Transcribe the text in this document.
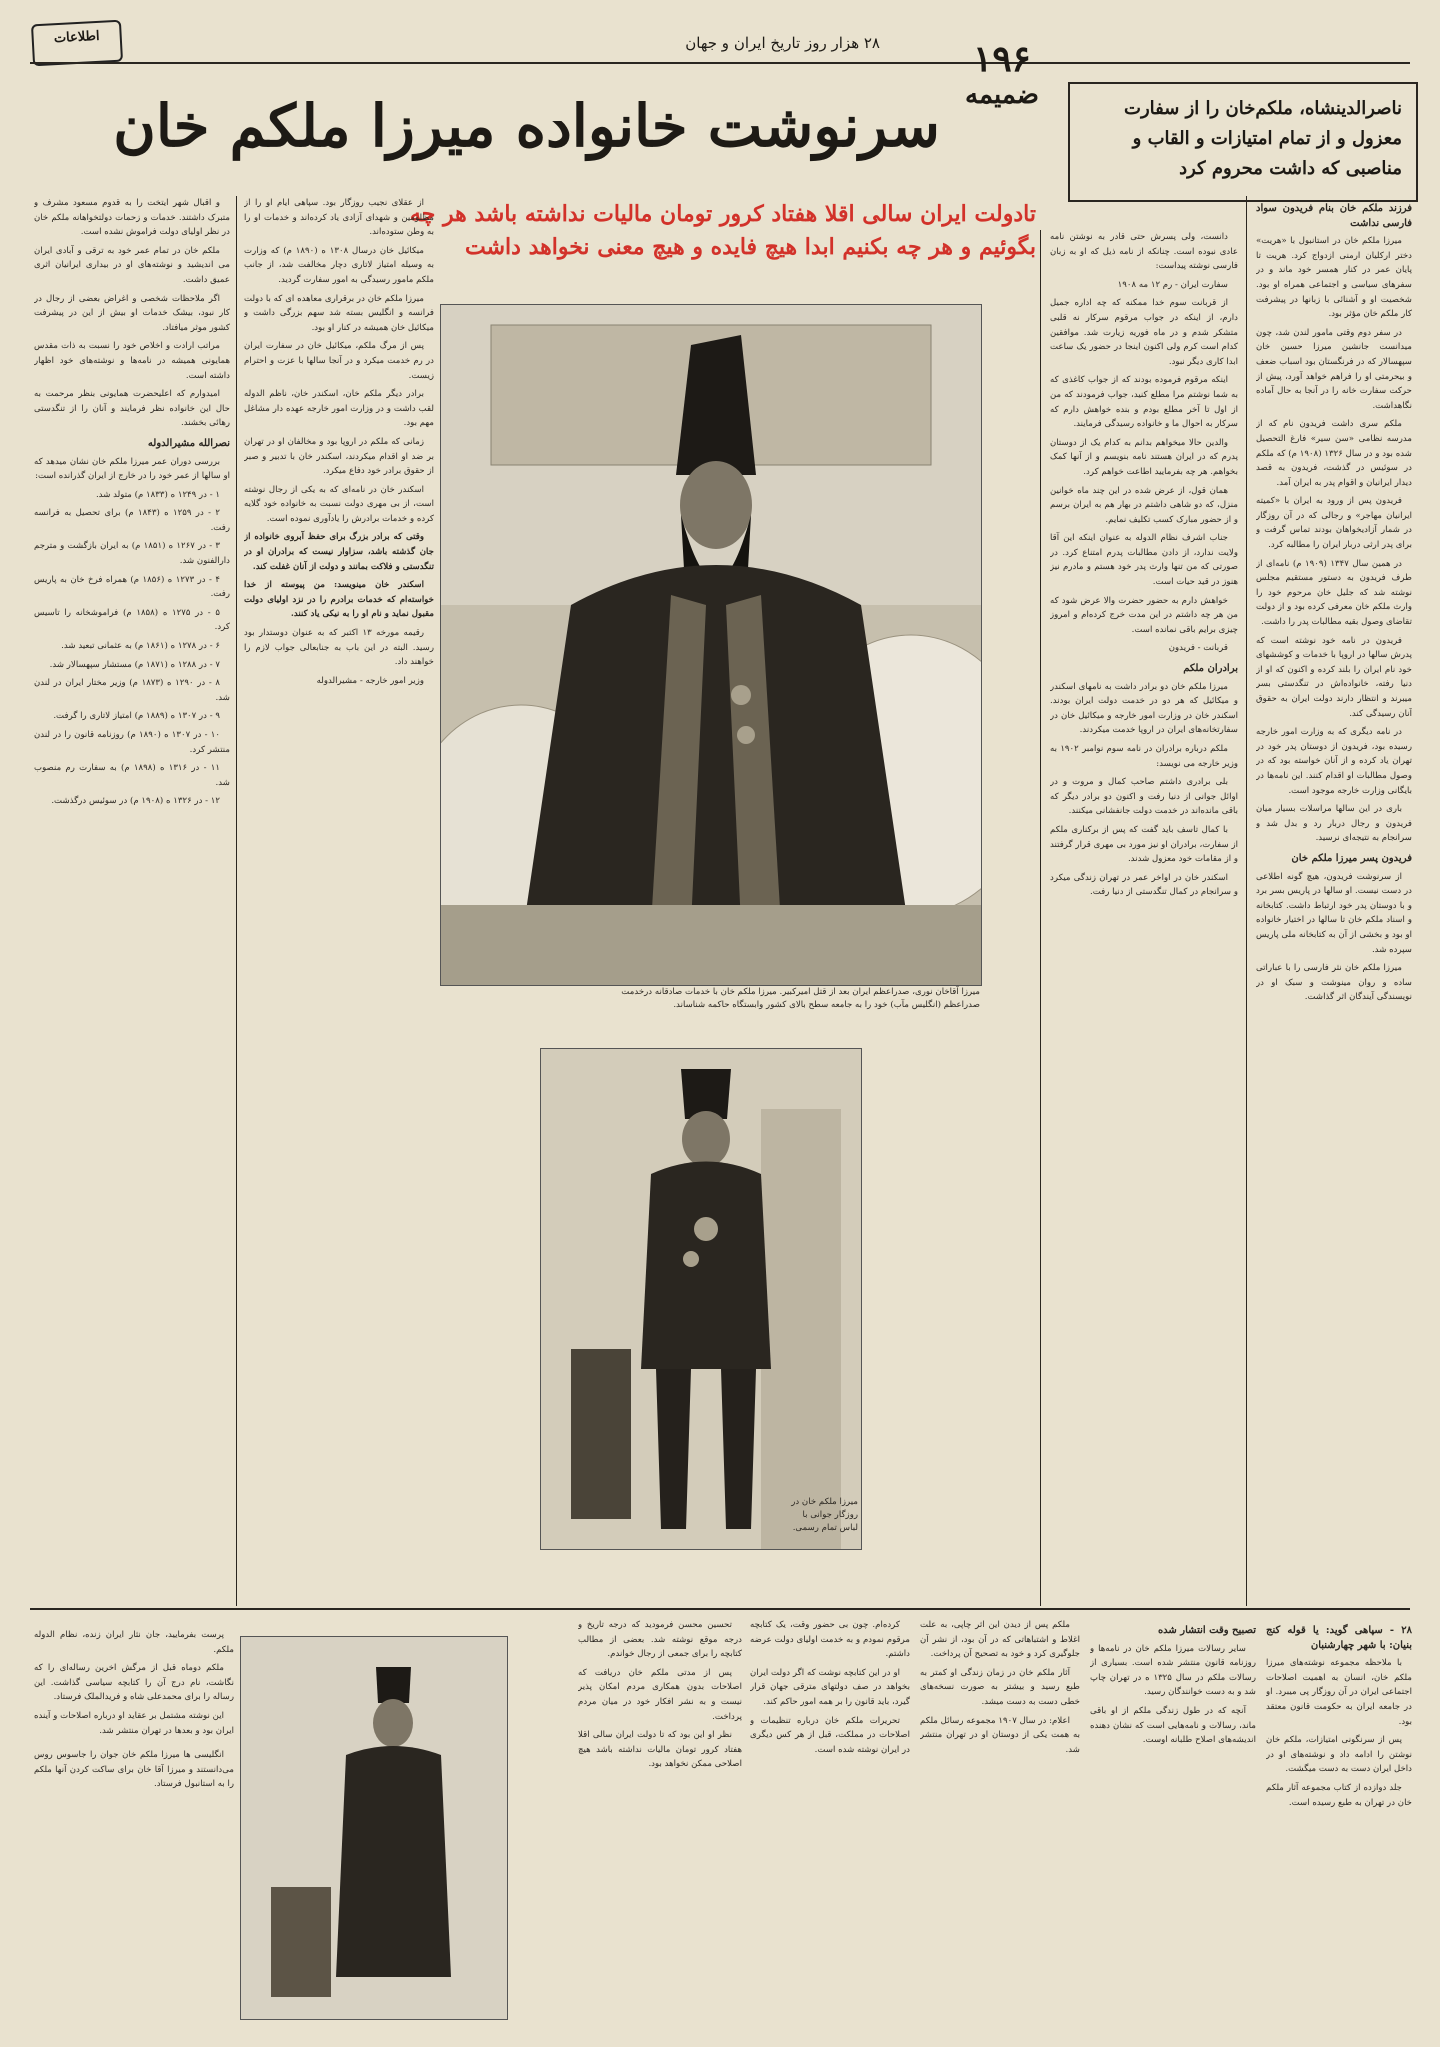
۲۸ هزار روز تاریخ ایران و جهان
اطلاعات
۱۹۶
ضمیمه
سرنوشت خانواده میرزا ملکم خان	ناصرالدینشاه، ملکم‌خان را از سفارت معزول و از تمام امتیازات و القاب و مناصبی که داشت محروم کرد
تادولت ایران سالی اقلا هفتاد کرور تومان مالیات نداشته باشد هر چه بگوئیم و هر چه بکنیم ابدا هیچ فایده و هیچ معنی نخواهد داشت

فرزند ملکم خان بنام فریدون سواد فارسی نداشت

میرزا ملکم خان در استانبول با «هریت» دختر ارکلیان ارمنی ازدواج کرد. هریت تا پایان عمر در کنار همسر خود ماند و در سفرهای سیاسی و اجتماعی همراه او بود. شخصیت او و آشنائی با زبانها در پیشرفت کار ملکم خان مؤثر بود.

در سفر دوم وقتی مامور لندن شد، چون میدانست جانشین میرزا حسین خان سپهسالار که در فرنگستان بود اسباب ضعف و بیحرمتی او را فراهم خواهد آورد، پیش از حرکت سفارت خانه را در آنجا به حال آماده نگاهداشت.

ملکم سری داشت فریدون نام که از مدرسه نظامی «سن سیر» فارغ التحصیل شده بود و در سال ۱۳۲۶ (۱۹۰۸ م) که ملکم در سوئیس در گذشت، فریدون به قصد دیدار ایرانیان و اقوام پدر به ایران آمد.

فریدون پس از ورود به ایران با «کمیته ایرانیان مهاجر» و رجالی که در آن روزگار در شمار آزادیخواهان بودند تماس گرفت و برای پدر ارثی دربار ایران را مطالبه کرد.

در همین سال ۱۳۴۷ (۱۹۰۹ م) نامه‌ای از طرف فریدون به دستور مستقیم مجلس نوشته شد که جلیل خان مرحوم خود را وارث ملکم خان معرفی کرده بود و از دولت تقاضای وصول بقیه مطالبات پدر را داشت.

فریدون در نامه خود نوشته است که پدرش سالها در اروپا با خدمات و کوششهای خود نام ایران را بلند کرده و اکنون که او از دنیا رفته، خانواده‌اش در تنگدستی بسر میبرند و انتظار دارند دولت ایران به حقوق آنان رسیدگی کند.

در نامه دیگری که به وزارت امور خارجه رسیده بود، فریدون از دوستان پدر خود در تهران یاد کرده و از آنان خواسته بود که در وصول مطالبات او اقدام کنند. این نامه‌ها در بایگانی وزارت خارجه موجود است.

باری در این سالها مراسلات بسیار میان فریدون و رجال دربار رد و بدل شد و سرانجام به نتیجه‌ای نرسید.

فریدون پسر میرزا ملکم خان

از سرنوشت فریدون، هیچ گونه اطلاعی در دست نیست. او سالها در پاریس بسر برد و با دوستان پدر خود ارتباط داشت. کتابخانه و اسناد ملکم خان تا سالها در اختیار خانواده او بود و بخشی از آن به کتابخانه ملی پاریس سپرده شد.

میرزا ملکم خان نثر فارسی را با عباراتی ساده و روان مینوشت و سبک او در نویسندگی آیندگان اثر گذاشت.

دانست، ولی پسرش حتی قادر به نوشتن نامه عادی نبوده است. چنانکه از نامه ذیل که او به زبان فارسی نوشته پیداست:

سفارت ایران - رم ۱۲ مه ۱۹۰۸

از قربانت سوم خدا ممکنه که چه اداره جمیل دارم، از اینکه در جواب مرقوم سرکار نه قلبی متشکر شدم و در ماه فوریه زیارت شد. موافقین کدام است کرم ولی اکنون اینجا در حضور یک ساعت ابدا کاری دیگر نبود.

اینکه مرقوم فرموده بودند که از جواب کاغذی که به شما نوشتم مرا مطلع کنید، جواب فرمودند که من از اول تا آخر مطلع بودم و بنده خواهش دارم که سرکار به احوال ما و خانواده رسیدگی فرمایند.

والدین حالا میخواهم بدانم به کدام یک از دوستان پدرم که در ایران هستند نامه بنویسم و از آنها کمک بخواهم. هر چه بفرمایید اطاعت خواهم کرد.

همان قول، از عرض شده در این چند ماه خوانین منزل، که دو شاهی داشتم در بهار هم به ایران برسم و از حضور مبارک کسب تکلیف نمایم.

جناب اشرف نظام الدوله به عنوان اینکه این آقا ولایت ندارد، از دادن مطالبات پدرم امتناع کرد. در صورتی که من تنها وارث پدر خود هستم و مادرم نیز هنوز در قید حیات است.

خواهش دارم به حضور حضرت والا عرض شود که من هر چه داشتم در این مدت خرج کرده‌ام و امروز چیزی برایم باقی نمانده است.

قربانت - فریدون

برادران ملکم

میرزا ملکم خان دو برادر داشت به نامهای اسکندر و میکائیل که هر دو در خدمت دولت ایران بودند. اسکندر خان در وزارت امور خارجه و میکائیل خان در سفارتخانه‌های ایران در اروپا خدمت میکردند.

ملکم درباره برادران در نامه سوم نوامبر ۱۹۰۲ به وزیر خارجه می نویسد:

بلی برادری داشتم صاحب کمال و مروت و در اوائل جوانی از دنیا رفت و اکنون دو برادر دیگر که باقی مانده‌اند در خدمت دولت جانفشانی میکنند.

با کمال تاسف باید گفت که پس از برکناری ملکم از سفارت، برادران او نیز مورد بی مهری قرار گرفتند و از مقامات خود معزول شدند.

اسکندر خان در اواخر عمر در تهران زندگی میکرد و سرانجام در کمال تنگدستی از دنیا رفت.

میرزا آقاخان نوری، صدراعظم ایران بعد از قتل امیرکبیر. میرزا ملکم خان با خدمات صادقانه درخدمت صدراعظم (انگلیس مآب) خود را به جامعه سطح بالای کشور وابستگاه حاکمه شناساند.
میرزا ملکم خان در روزگار جوانی با لباس تمام رسمی.

از عقلای نجیب روزگار بود. سپاهی ایام او را از مظلومین و شهدای آزادی یاد کرده‌اند و خدمات او را به وطن ستوده‌اند.

میکائیل خان درسال ۱۳۰۸ ه (۱۸۹۰ م) که وزارت به وسیله امتیاز لاتاری دچار مخالفت شد، از جانب ملکم مامور رسیدگی به امور سفارت گردید.

میرزا ملکم خان در برقراری معاهده ای که با دولت فرانسه و انگلیس بسته شد سهم بزرگی داشت و میکائیل خان همیشه در کنار او بود.

پس از مرگ ملکم، میکائیل خان در سفارت ایران در رم خدمت میکرد و در آنجا سالها با عزت و احترام زیست.

برادر دیگر ملکم خان، اسکندر خان، ناظم الدوله لقب داشت و در وزارت امور خارجه عهده دار مشاغل مهم بود.

زمانی که ملکم در اروپا بود و مخالفان او در تهران بر ضد او اقدام میکردند، اسکندر خان با تدبیر و صبر از حقوق برادر خود دفاع میکرد.

اسکندر خان در نامه‌ای که به یکی از رجال نوشته است، از بی مهری دولت نسبت به خانواده خود گلایه کرده و خدمات برادرش را یادآوری نموده است.

وقتی که برادر بزرگ برای حفظ آبروی خانواده از جان گذشته باشد، سزاوار نیست که برادران او در تنگدستی و فلاکت بمانند و دولت از آنان غفلت کند.

اسکندر خان مینویسد: من پیوسته از خدا خواسته‌ام که خدمات برادرم را در نزد اولیای دولت مقبول نماید و نام او را به نیکی یاد کنند.

رقیمه مورخه ۱۳ اکتبر که به عنوان دوستدار بود رسید. البته در این باب به جنابعالی جواب لازم را خواهند داد.

وزیر امور خارجه - مشیرالدوله

و اقبال شهر ایتخت را به قدوم مسعود مشرف و متبرک داشتند. خدمات و زحمات دولتخواهانه ملکم خان در نظر اولیای دولت فراموش نشده است.

ملکم خان در تمام عمر خود به ترقی و آبادی ایران می اندیشید و نوشته‌های او در بیداری ایرانیان اثری عمیق داشت.

اگر ملاحظات شخصی و اغراض بعضی از رجال در کار نبود، بیشک خدمات او بیش از این در پیشرفت کشور موثر میافتاد.

مراتب ارادت و اخلاص خود را نسبت به ذات مقدس همایونی همیشه در نامه‌ها و نوشته‌های خود اظهار داشته است.

امیدوارم که اعلیحضرت همایونی بنظر مرحمت به حال این خانواده نظر فرمایند و آنان را از تنگدستی رهائی بخشند.

نصرالله مشیرالدوله

بررسی دوران عمر میرزا ملکم خان نشان میدهد که او سالها از عمر خود را در خارج از ایران گذرانده است:

۱ - در ۱۲۴۹ ه (۱۸۳۳ م) متولد شد.

۲ - در ۱۲۵۹ ه (۱۸۴۳ م) برای تحصیل به فرانسه رفت.

۳ - در ۱۲۶۷ ه (۱۸۵۱ م) به ایران بازگشت و مترجم دارالفنون شد.

۴ - در ۱۲۷۳ ه (۱۸۵۶ م) همراه فرخ خان به پاریس رفت.

۵ - در ۱۲۷۵ ه (۱۸۵۸ م) فراموشخانه را تاسیس کرد.

۶ - در ۱۲۷۸ ه (۱۸۶۱ م) به عثمانی تبعید شد.

۷ - در ۱۲۸۸ ه (۱۸۷۱ م) مستشار سپهسالار شد.

۸ - در ۱۲۹۰ ه (۱۸۷۳ م) وزیر مختار ایران در لندن شد.

۹ - در ۱۳۰۷ ه (۱۸۸۹ م) امتیاز لاتاری را گرفت.

۱۰ - در ۱۳۰۷ ه (۱۸۹۰ م) روزنامه قانون را در لندن منتشر کرد.

۱۱ - در ۱۳۱۶ ه (۱۸۹۸ م) به سفارت رم منصوب شد.

۱۲ - در ۱۳۲۶ ه (۱۹۰۸ م) در سوئیس درگذشت.

۲۸ - سپاهی گوید: یا قوله کنج بنیان: با شهر چهارشنبان

با ملاحظه مجموعه نوشته‌های میرزا ملکم خان، انسان به اهمیت اصلاحات اجتماعی ایران در آن روزگار پی میبرد. او در جامعه ایران به حکومت قانون معتقد بود.

پس از سرنگونی امتیازات، ملکم خان نوشتن را ادامه داد و نوشته‌های او در داخل ایران دست به دست میگشت.

جلد دوازده از کتاب مجموعه آثار ملکم خان در تهران به طبع رسیده است.

تصبیح وقت انتشار شده

سایر رسالات میرزا ملکم خان در نامه‌ها و روزنامه قانون منتشر شده است. بسیاری از رسالات ملکم در سال ۱۳۲۵ ه در تهران چاپ شد و به دست خوانندگان رسید.

آنچه که در طول زندگی ملکم از او باقی ماند، رسالات و نامه‌هایی است که نشان دهنده اندیشه‌های اصلاح طلبانه اوست.

ملکم پس از دیدن این اثر چاپی، به علت اغلاط و اشتباهاتی که در آن بود، از نشر آن جلوگیری کرد و خود به تصحیح آن پرداخت.

آثار ملکم خان در زمان زندگی او کمتر به طبع رسید و بیشتر به صورت نسخه‌های خطی دست به دست میشد.

اعلام: در سال ۱۹۰۷ مجموعه رسائل ملکم به همت یکی از دوستان او در تهران منتشر شد.

کرده‌ام. چون بی حضور وقت، یک کتابچه مرقوم نمودم و به خدمت اولیای دولت عرضه داشتم.

او در این کتابچه نوشت که اگر دولت ایران بخواهد در صف دولتهای مترقی جهان قرار گیرد، باید قانون را بر همه امور حاکم کند.

تحریرات ملکم خان درباره تنظیمات و اصلاحات در مملکت، قبل از هر کس دیگری در ایران نوشته شده است.

تحسین محسن فرمودید که درجه تاریخ و درجه موقع نوشته شد. بعضی از مطالب کتابچه را برای جمعی از رجال خواندم.

پس از مدتی ملکم خان دریافت که اصلاحات بدون همکاری مردم امکان پذیر نیست و به نشر افکار خود در میان مردم پرداخت.

نظر او این بود که تا دولت ایران سالی اقلا هفتاد کرور تومان مالیات نداشته باشد هیچ اصلاحی ممکن نخواهد بود.

پرست بفرمایید، جان نثار ایران زنده، نظام الدوله ملکم.

ملکم دوماه قبل از مرگش اخرین رساله‌ای را که نگاشت، نام درج آن را کتابچه سیاسی گذاشت. این رساله را برای محمدعلی شاه و فریدالملک فرستاد.

این نوشته مشتمل بر عقاید او درباره اصلاحات و آینده ایران بود و بعدها در تهران منتشر شد.

انگلیسی ها میرزا ملکم خان جوان را جاسوس روس می‌دانستند و میرزا آقا خان برای ساکت کردن آنها ملکم را به استانبول فرستاد.
